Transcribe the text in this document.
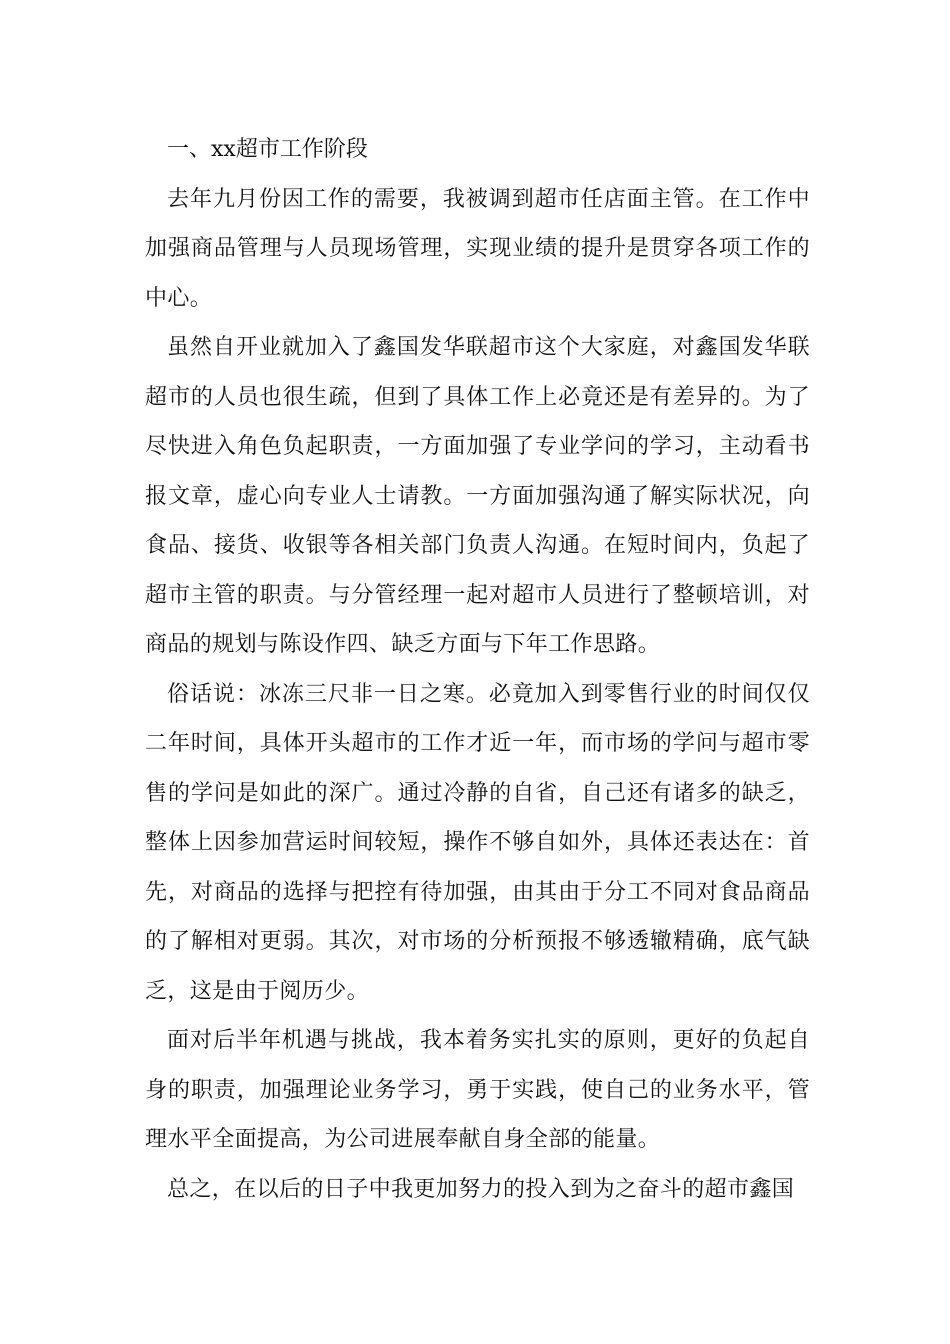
一、xx超市工作阶段

去年九月份因工作的需要，我被调到超市任店面主管。在工作中加强商品管理与人员现场管理，实现业绩的提升是贯穿各项工作的中心。

虽然自开业就加入了鑫国发华联超市这个大家庭，对鑫国发华联超市的人员也很生疏，但到了具体工作上必竟还是有差异的。为了尽快进入角色负起职责，一方面加强了专业学问的学习，主动看书报文章，虚心向专业人士请教。一方面加强沟通了解实际状况，向食品、接货、收银等各相关部门负责人沟通。在短时间内，负起了超市主管的职责。与分管经理一起对超市人员进行了整顿培训，对商品的规划与陈设作四、缺乏方面与下年工作思路。

俗话说：冰冻三尺非一日之寒。必竟加入到零售行业的时间仅仅二年时间，具体开头超市的工作才近一年，而市场的学问与超市零售的学问是如此的深广。通过冷静的自省，自己还有诸多的缺乏，整体上因参加营运时间较短，操作不够自如外，具体还表达在：首先，对商品的选择与把控有待加强，由其由于分工不同对食品商品的了解相对更弱。其次，对市场的分析预报不够透辙精确，底气缺乏，这是由于阅历少。

面对后半年机遇与挑战，我本着务实扎实的原则，更好的负起自身的职责，加强理论业务学习，勇于实践，使自己的业务水平，管理水平全面提高，为公司进展奉献自身全部的能量。

总之，在以后的日子中我更加努力的投入到为之奋斗的超市鑫国
